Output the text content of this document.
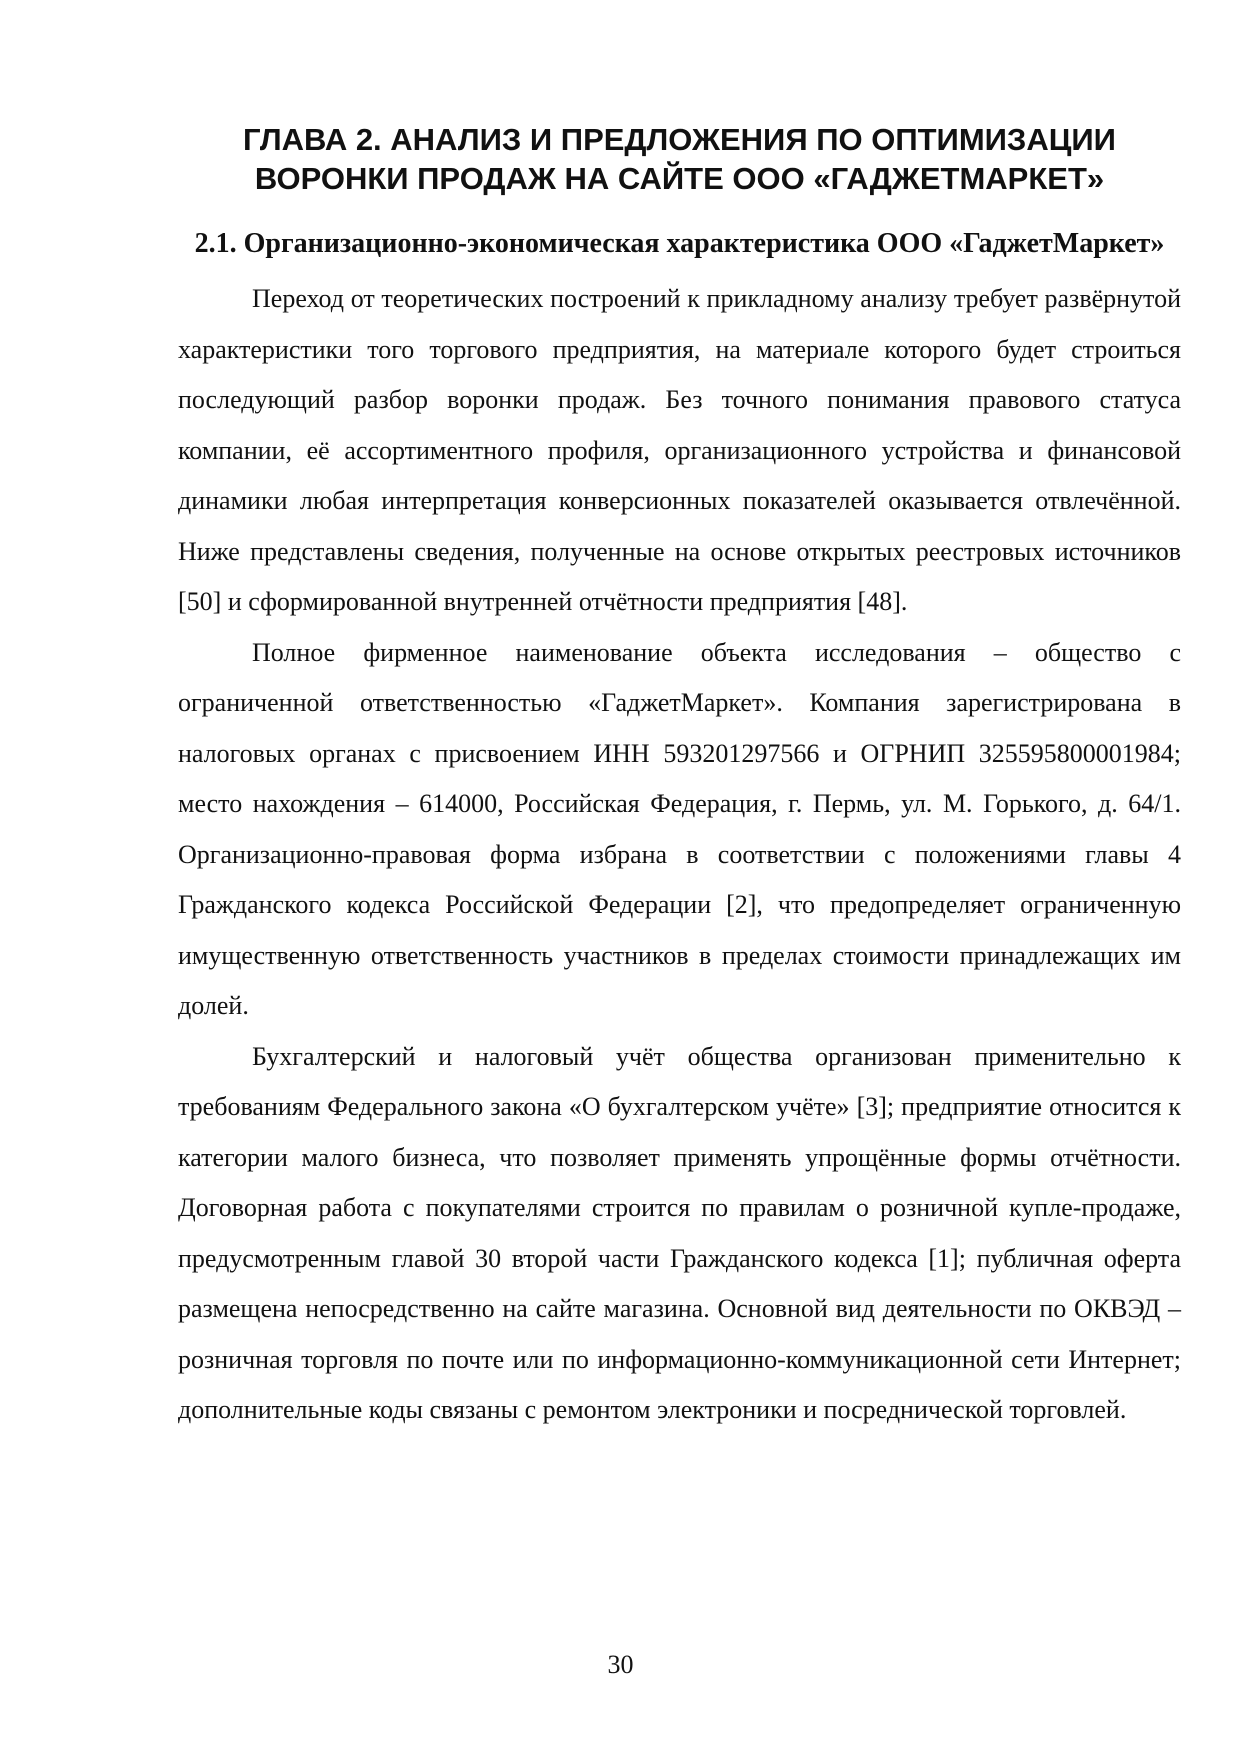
ГЛАВА 2. АНАЛИЗ И ПРЕДЛОЖЕНИЯ ПО ОПТИМИЗАЦИИ ВОРОНКИ ПРОДАЖ НА САЙТЕ ООО «ГАДЖЕТМАРКЕТ»
2.1. Организационно-экономическая характеристика ООО «ГаджетМаркет»

Переход от теоретических построений к прикладному анализу требует развёрнутой характеристики того торгового предприятия, на материале которого будет строиться последующий разбор воронки продаж. Без точного понимания правового статуса компании, её ассортиментного профиля, организационного устройства и финансовой динамики любая интерпретация конверсионных показателей оказывается отвлечённой. Ниже представлены сведения, полученные на основе открытых реестровых источников [50] и сформированной внутренней отчётности предприятия [48].

Полное фирменное наименование объекта исследования – общество с ограниченной ответственностью «ГаджетМаркет». Компания зарегистрирована в налоговых органах с присвоением ИНН 593201297566 и ОГРНИП 325595800001984; место нахождения – 614000, Российская Федерация, г. Пермь, ул. М. Горького, д. 64/1. Организационно-правовая форма избрана в соответствии с положениями главы 4 Гражданского кодекса Российской Федерации [2], что предопределяет ограниченную имущественную ответственность участников в пределах стоимости принадлежащих им долей.

Бухгалтерский и налоговый учёт общества организован применительно к требованиям Федерального закона «О бухгалтерском учёте» [3]; предприятие относится к категории малого бизнеса, что позволяет применять упрощённые формы отчётности. Договорная работа с покупателями строится по правилам о розничной купле-продаже, предусмотренным главой 30 второй части Гражданского кодекса [1]; публичная оферта размещена непосредственно на сайте магазина. Основной вид деятельности по ОКВЭД – розничная торговля по почте или по информационно-коммуникационной сети Интернет; дополнительные коды связаны с ремонтом электроники и посреднической торговлей.

30
